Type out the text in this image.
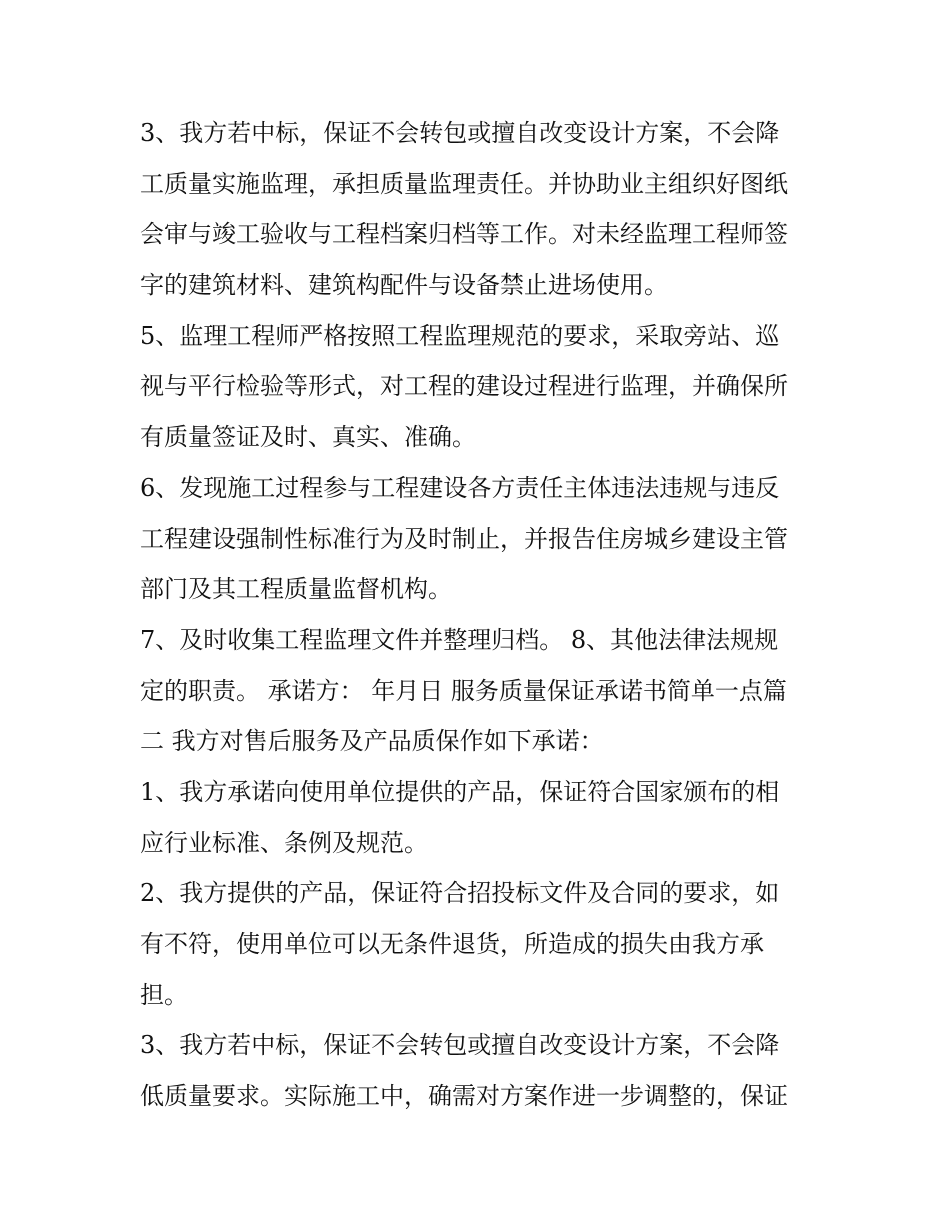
3、我方若中标，保证不会转包或擅自改变设计方案，不会降
工质量实施监理，承担质量监理责任。并协助业主组织好图纸
会审与竣工验收与工程档案归档等工作。对未经监理工程师签
字的建筑材料、建筑构配件与设备禁止进场使用。
5、监理工程师严格按照工程监理规范的要求，采取旁站、巡
视与平行检验等形式，对工程的建设过程进行监理，并确保所
有质量签证及时、真实、准确。
6、发现施工过程参与工程建设各方责任主体违法违规与违反
工程建设强制性标准行为及时制止，并报告住房城乡建设主管
部门及其工程质量监督机构。
7、及时收集工程监理文件并整理归档。 8、其他法律法规规
定的职责。 承诺方： 年月日 服务质量保证承诺书简单一点篇
二 我方对售后服务及产品质保作如下承诺：
1、我方承诺向使用单位提供的产品，保证符合国家颁布的相
应行业标准、条例及规范。
2、我方提供的产品，保证符合招投标文件及合同的要求，如
有不符，使用单位可以无条件退货，所造成的损失由我方承
担。
3、我方若中标，保证不会转包或擅自改变设计方案，不会降
低质量要求。实际施工中，确需对方案作进一步调整的，保证
